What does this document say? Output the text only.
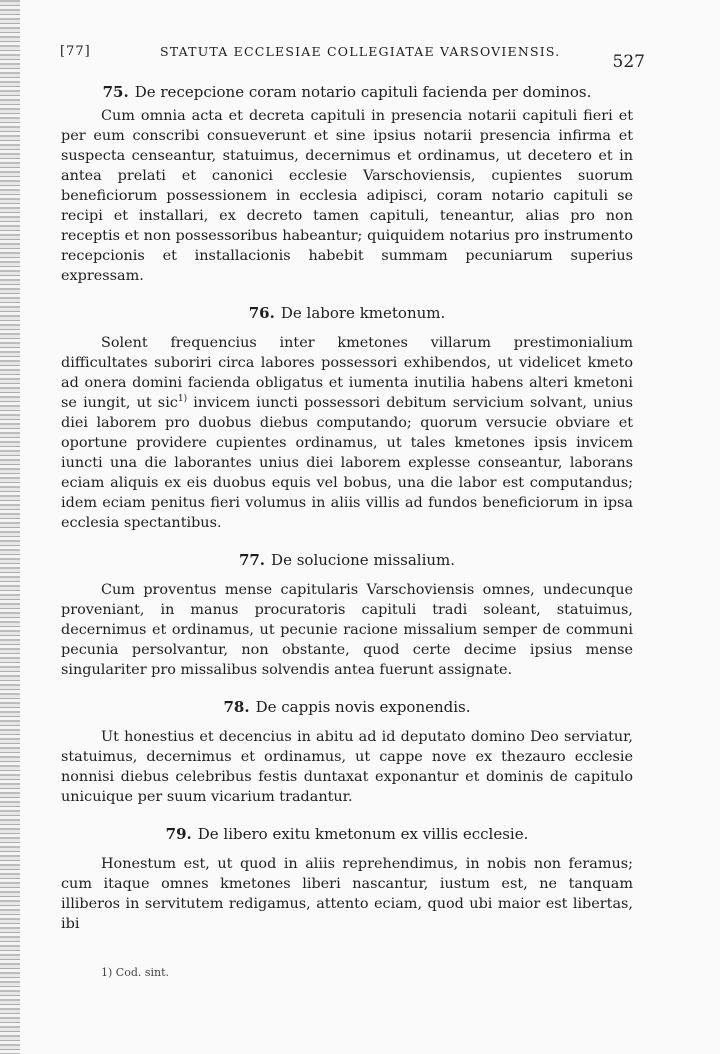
[77]	STATUTA ECCLESIAE COLLEGIATAE VARSOVIENSIS.
527
75. De recepcione coram notario capituli facienda per dominos.

Cum omnia acta et decreta capituli in presencia notarii capituli fieri et per eum conscribi consueverunt et sine ipsius notarii presencia infirma et suspecta censeantur, statuimus, decernimus et ordinamus, ut decetero et in antea prelati et canonici ecclesie Varschoviensis, cupientes suorum beneficiorum possessionem in ecclesia adipisci, coram notario capituli se recipi et installari, ex decreto tamen capituli, teneantur, alias pro non receptis et non possessoribus habeantur; quiquidem notarius pro instrumento recepcionis et installacionis habebit summam pecuniarum superius expressam.

76. De labore kmetonum.

Solent frequencius inter kmetones villarum prestimonialium difficultates suboriri circa labores possessori exhibendos, ut videlicet kmeto ad onera domini facienda obligatus et iumenta inutilia habens alteri kmetoni se iungit, ut sic$^{1)}$ invicem iuncti possessori debitum servicium solvant, unius diei laborem pro duobus diebus computando; quorum versucie obviare et oportune providere cupientes ordinamus, ut tales kmetones ipsis invicem iuncti una die laborantes unius diei laborem explesse conseantur, laborans eciam aliquis ex eis duobus equis vel bobus, una die labor est computandus; idem eciam penitus fieri volumus in aliis villis ad fundos beneficiorum in ipsa ecclesia spectantibus.

77. De solucione missalium.

Cum proventus mense capitularis Varschoviensis omnes, undecunque proveniant, in manus procuratoris capituli tradi soleant, statuimus, decernimus et ordinamus, ut pecunie racione missalium semper de communi pecunia persolvantur, non obstante, quod certe decime ipsius mense singulariter pro missalibus solvendis antea fuerunt assignate.

78. De cappis novis exponendis.

Ut honestius et decencius in abitu ad id deputato domino Deo serviatur, statuimus, decernimus et ordinamus, ut cappe nove ex thezauro ecclesie nonnisi diebus celebribus festis duntaxat exponantur et dominis de capitulo unicuique per suum vicarium tradantur.

79. De libero exitu kmetonum ex villis ecclesie.

Honestum est, ut quod in aliis reprehendimus, in nobis non feramus; cum itaque omnes kmetones liberi nascantur, iustum est, ne tanquam illiberos in servitutem redigamus, attento eciam, quod ubi maior est libertas, ibi

1) Cod. sint.
